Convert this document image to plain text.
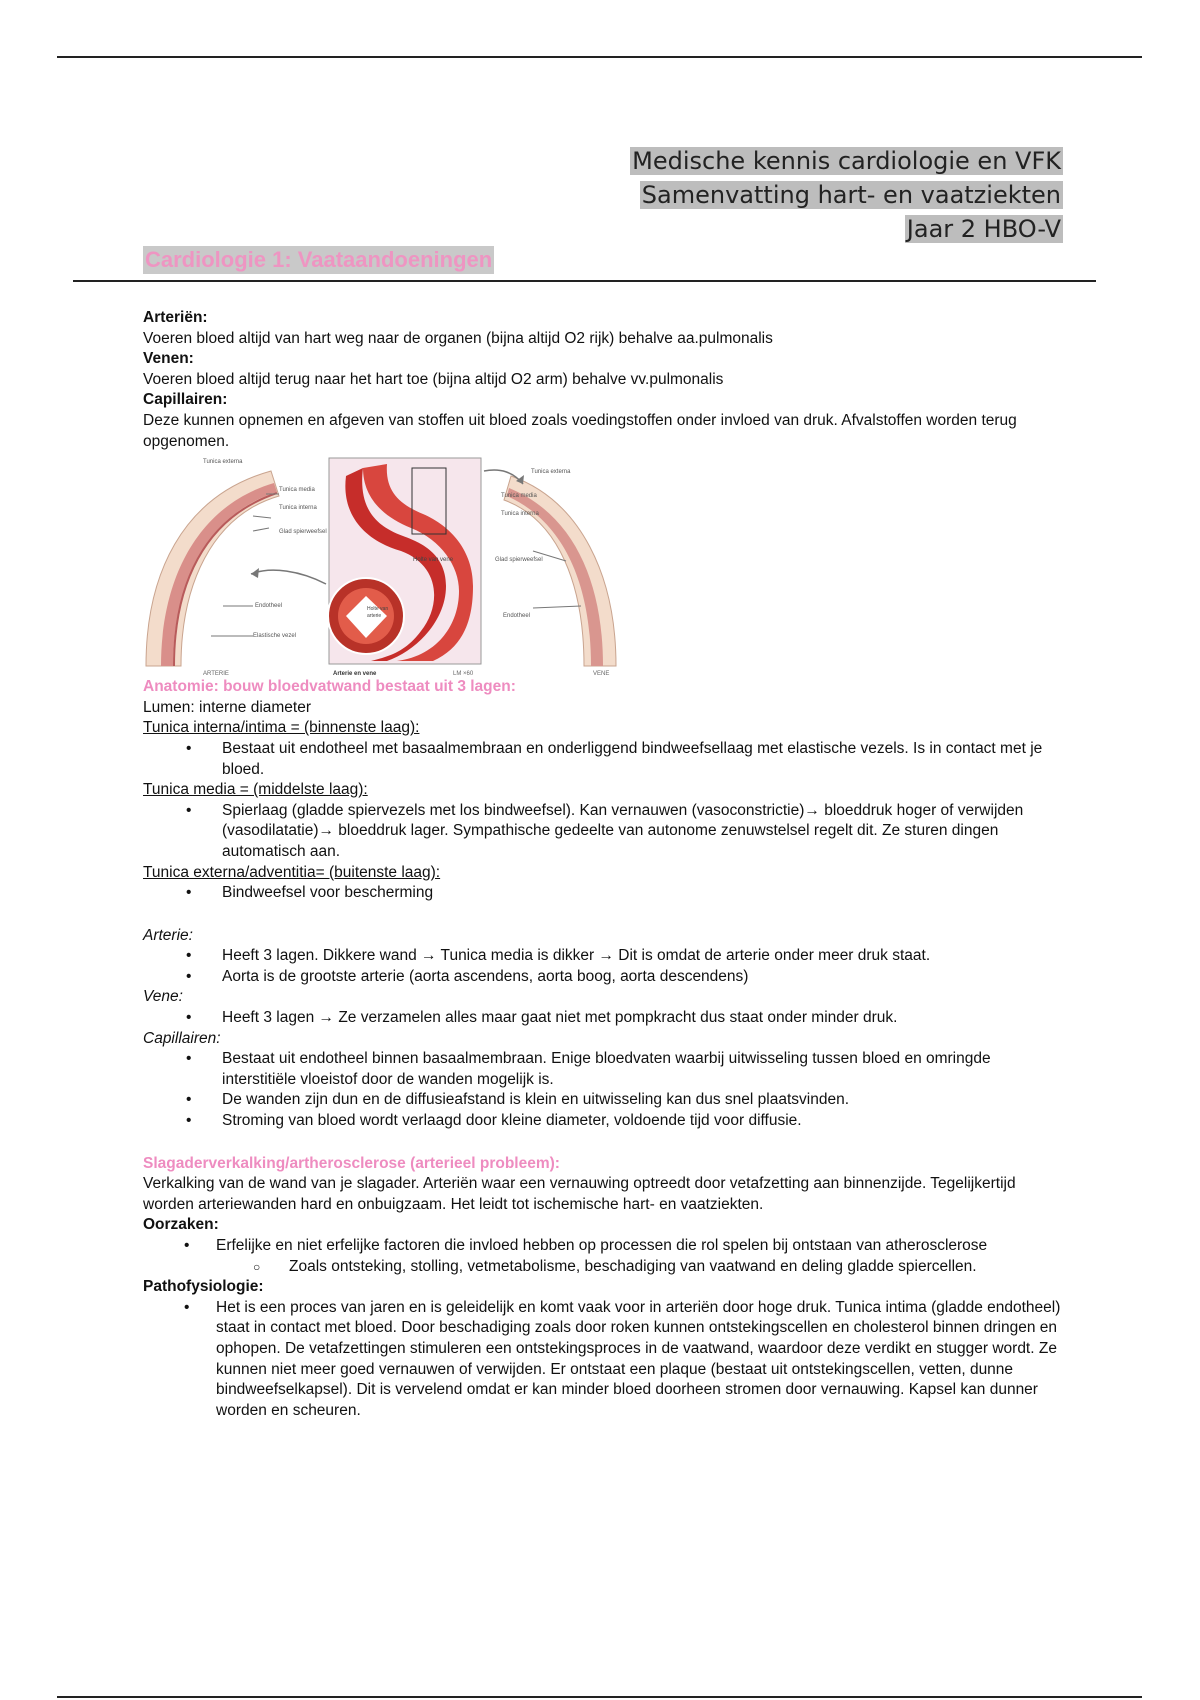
Medische kennis cardiologie en VFK
Samenvatting hart- en vaatziekten
Jaar 2 HBO-V
Cardiologie 1: Vaataandoeningen

Arteriën:

Voeren bloed altijd van hart weg naar de organen (bijna altijd O2 rijk) behalve aa.pulmonalis

Venen:

Voeren bloed altijd terug naar het hart toe (bijna altijd O2 arm) behalve vv.pulmonalis

Capillairen:

Deze kunnen opnemen en afgeven van stoffen uit bloed zoals voedingstoffen onder invloed van druk. Afvalstoffen worden terug opgenomen.

Tunica externa
Tunica media
Tunica interna
Glad spierweefsel
Endotheel
Elastische vezel
Tunica externa
Tunica media
Tunica interna
Glad spierweefsel
Endotheel
Holte van vene
Holte van arterie
ARTERIE	Arterie en vene	LM ×60	VENE

Anatomie: bouw bloedvatwand bestaat uit 3 lagen:

Lumen: interne diameter

Tunica interna/intima = (binnenste laag):

• Bestaat uit endotheel met basaalmembraan en onderliggend bindweefsellaag met elastische vezels. Is in contact met je bloed.

Tunica media = (middelste laag):

• Spierlaag (gladde spiervezels met los bindweefsel). Kan vernauwen (vasoconstrictie)→ bloeddruk hoger of verwijden (vasodilatatie)→ bloeddruk lager. Sympathische gedeelte van autonome zenuwstelsel regelt dit. Ze sturen dingen automatisch aan.

Tunica externa/adventitia= (buitenste laag):

• Bindweefsel voor bescherming

Arterie:

• Heeft 3 lagen. Dikkere wand → Tunica media is dikker → Dit is omdat de arterie onder meer druk staat.
• Aorta is de grootste arterie (aorta ascendens, aorta boog, aorta descendens)

Vene:

• Heeft 3 lagen → Ze verzamelen alles maar gaat niet met pompkracht dus staat onder minder druk.

Capillairen:

• Bestaat uit endotheel binnen basaalmembraan. Enige bloedvaten waarbij uitwisseling tussen bloed en omringde interstitiële vloeistof door de wanden mogelijk is.
• De wanden zijn dun en de diffusieafstand is klein en uitwisseling kan dus snel plaatsvinden.
• Stroming van bloed wordt verlaagd door kleine diameter, voldoende tijd voor diffusie.

Slagaderverkalking/artherosclerose (arterieel probleem):

Verkalking van de wand van je slagader. Arteriën waar een vernauwing optreedt door vetafzetting aan binnenzijde. Tegelijkertijd worden arteriewanden hard en onbuigzaam. Het leidt tot ischemische hart- en vaatziekten.

Oorzaken:

• Erfelijke en niet erfelijke factoren die invloed hebben op processen die rol spelen bij ontstaan van atherosclerose
○ Zoals ontsteking, stolling, vetmetabolisme, beschadiging van vaatwand en deling gladde spiercellen.

Pathofysiologie:

• Het is een proces van jaren en is geleidelijk en komt vaak voor in arteriën door hoge druk. Tunica intima (gladde endotheel) staat in contact met bloed. Door beschadiging zoals door roken kunnen ontstekingscellen en cholesterol binnen dringen en ophopen. De vetafzettingen stimuleren een ontstekingsproces in de vaatwand, waardoor deze verdikt en stugger wordt. Ze kunnen niet meer goed vernauwen of verwijden. Er ontstaat een plaque (bestaat uit ontstekingscellen, vetten, dunne bindweefselkapsel). Dit is vervelend omdat er kan minder bloed doorheen stromen door vernauwing. Kapsel kan dunner worden en scheuren.
